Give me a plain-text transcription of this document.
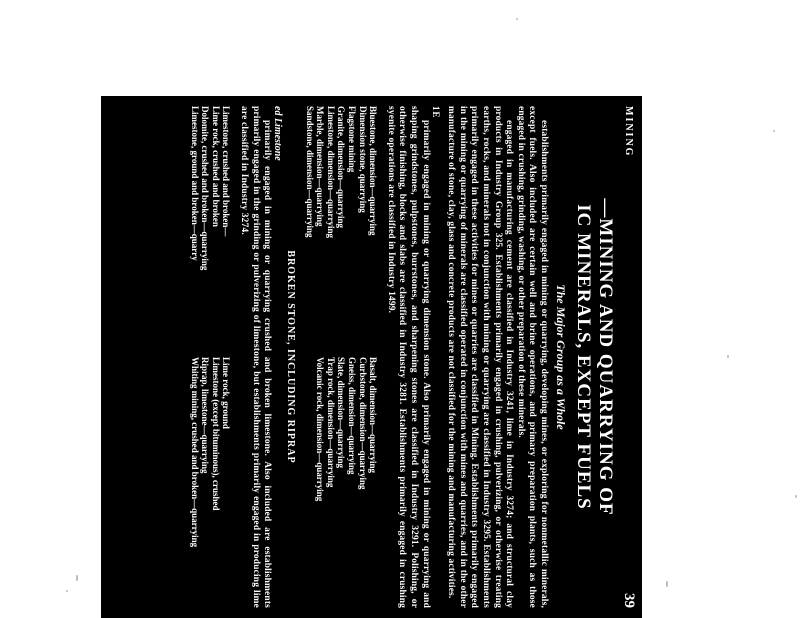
MINING
39
—MINING AND QUARRYING OF
IC MINERALS, EXCEPT FUELS
The Major Group as a Whole

establishments primarily engaged in mining or quarrying, developing mines, or exploring for nonmetallic minerals, except fuels. Also included are certain well and brine operations, and primary preparation plants, such as those engaged in crushing, grinding, washing, or other preparation of these minerals.

engaged in manufacturing cement are classified in Industry 3241, lime in Industry 3274; and structural clay products in Industry Group 325. Establishments primarily engaged in crushing, pulverizing, or otherwise treating earths, rocks, and minerals not in conjunction with mining or quarrying are classified in Industry 3295. Establishments primarily engaged in these activities for mines or quarries are classified in Mining. Establishments primarily engaged in the mining or quarrying of minerals are classified operated in conjunction with mines and quarries, and in the other manufacture of stone, clay, glass and concrete products are not classified for the mining and manufacturing activities.

1E

primarily engaged in mining or quarrying dimension stone. Also primarily engaged in mining or quarrying and shaping grindstones, pulpstones, burrstones, and sharpening stones are classified in Industry 3291. Polishing, or otherwise finishing, blocks and slabs are classified in Industry 3281. Establishments primarily engaged in crushing syenite operations are classified in Industry 1499.

Bluestone, dimension—quarrying
Dimension stone, quarrying
Flagstone mining
Granite, dimension—quarrying
Limestone, dimension—quarrying
Marble, dimension—quarrying
Sandstone, dimension—quarrying
Basalt, dimension—quarrying
Curbstone, dimension—quarrying
Gneiss, dimension—quarrying
Slate, dimension—quarrying
Trap rock, dimension—quarrying
Volcanic rock, dimension—quarrying
BROKEN STONE, INCLUDING RIPRAP
ed Limestone

primarily engaged in mining or quarrying crushed and broken limestone. Also included are establishments primarily engaged in the grinding or pulverizing of limestone, but establishments primarily engaged in producing lime are classified in Industry 3274.

Limestone, crushed and broken—
Lime rock, crushed and broken
Dolomite, crushed and broken—quarrying
Limestone, ground and broken—quarry
Lime rock, ground
Limestone (except bituminous), crushed
Riprap, limestone—quarrying
Whiting mining, crushed and broken—quarrying
